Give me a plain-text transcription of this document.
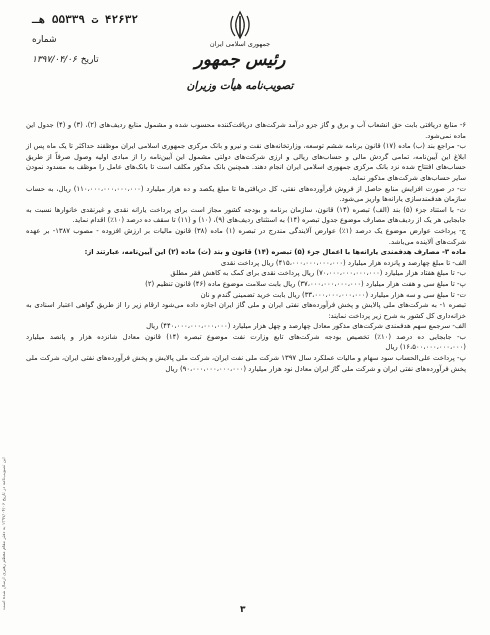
۴۲۶۳۲ ت ۵۵۳۳۹ هـ
شماره
تاریخ
۱۳۹۷/۰۴/۰۶
جمهوری اسلامی ایران
رئیس جمهور
تصویب‌نامه هیأت وزیران

۶- منابع دریافتی بابت حق انشعاب آب و برق و گاز جزو درآمد شرکت‌های دریافت‌کننده محسوب شده و مشمول منابع ردیف‌های (۲)، (۳) و (۴) جدول این ماده نمی‌شود.

ب- مراجع بند (ب) ماده (۱۷) قانون برنامه ششم توسعه، وزارتخانه‌های نفت و نیرو و بانک مرکزی جمهوری اسلامی ایران موظفند حداکثر تا یک ماه پس از ابلاغ این آیین‌نامه، تمامی گردش مالی و حساب‌های ریالی و ارزی شرکت‌های دولتی مشمول این آیین‌نامه را از مبادی اولیه وصول صرفاً از طریق حساب‌های افتتاح شده نزد بانک مرکزی جمهوری اسلامی ایران انجام دهند. همچنین بانک مذکور مکلف است تا بانک‌های عامل را موظف به مسدود نمودن سایر حساب‌های شرکت‌های مذکور نماید.

ت- در صورت افزایش منابع حاصل از فروش فرآورده‌های نفتی، کل دریافتی‌ها تا مبلغ یکصد و ده هزار میلیارد (۱۱۰،۰۰۰،۰۰۰،۰۰۰،۰۰۰) ریال، به حساب سازمان هدفمندسازی یارانه‌ها واریز می‌شود.

ث- با استناد جزء (۵) بند (الف) تبصره (۱۴) قانون، سازمان برنامه و بودجه کشور مجاز است برای پرداخت یارانه نقدی و غیرنقدی خانوارها نسبت به جابجایی هر یک از ردیف‌های مصارف موضوع جدول تبصره (۱۴) به استثنای ردیف‌های (۹)، (۱۰) و (۱۱) تا سقف ده درصد (۱۰٪) اقدام نماید.

ج- پرداخت عوارض موضوع یک درصد (۱٪) عوارض آلایندگی مندرج در تبصره (۱) ماده (۳۸) قانون مالیات بر ارزش افزوده - مصوب ۱۳۸۷- بر عهده شرکت‌های آلاینده می‌باشد.

ماده ۳- مصارف هدفمندی یارانه‌ها با اعمال جزء (۵) تبصره (۱۴) قانون و بند (ث) ماده (۲) این آیین‌نامه، عبارتند از:

الف- تا مبلغ چهارصد و پانزده هزار میلیارد (۴۱۵،۰۰۰،۰۰۰،۰۰۰،۰۰۰) ریال پرداخت نقدی

ب- تا مبلغ هفتاد هزار میلیارد (۷۰،۰۰۰،۰۰۰،۰۰۰،۰۰۰) ریال پرداخت نقدی برای کمک به کاهش فقر مطلق

پ- تا مبلغ سی و هفت هزار میلیارد (۳۷،۰۰۰،۰۰۰،۰۰۰،۰۰۰) ریال بابت سلامت موضوع ماده (۴۶) قانون تنظیم (۲)

ت- تا مبلغ سی و سه هزار میلیارد (۳۳،۰۰۰،۰۰۰،۰۰۰،۰۰۰) ریال بابت خرید تضمینی گندم و نان

تبصره ۱- به شرکت‌های ملی پالایش و پخش فرآورده‌های نفتی ایران و ملی گاز ایران اجازه داده می‌شود ارقام زیر را از طریق گواهی اعتبار اسنادی به خزانه‌داری کل کشور به شرح زیر پرداخت نمایند:

الف- سرجمع سهم هدفمندی شرکت‌های مذکور معادل چهارصد و چهل هزار میلیارد (۴۴۰،۰۰۰،۰۰۰،۰۰۰،۰۰۰) ریال

ب- جابجایی ده درصد (۱۰٪) تخصیص بودجه شرکت‌های تابع وزارت نفت موضوع تبصره (۱۴) قانون معادل شانزده هزار و پانصد میلیارد (۱۶،۵۰۰،۰۰۰،۰۰۰،۰۰۰) ریال

پ- پرداخت علی‌الحساب سود سهام و مالیات عملکرد سال ۱۳۹۷ شرکت ملی نفت ایران، شرکت ملی پالایش و پخش فرآورده‌های نفتی ایران، شرکت ملی پخش فرآورده‌های نفتی ایران و شرکت ملی گاز ایران معادل نود هزار میلیارد (۹۰،۰۰۰،۰۰۰،۰۰۰،۰۰۰) ریال

این تصویب‌نامه در تاریخ ۱۳۹۷/۰۴/۰۶ به دفتر مقام معظم رهبری ارسال شده است
۳
